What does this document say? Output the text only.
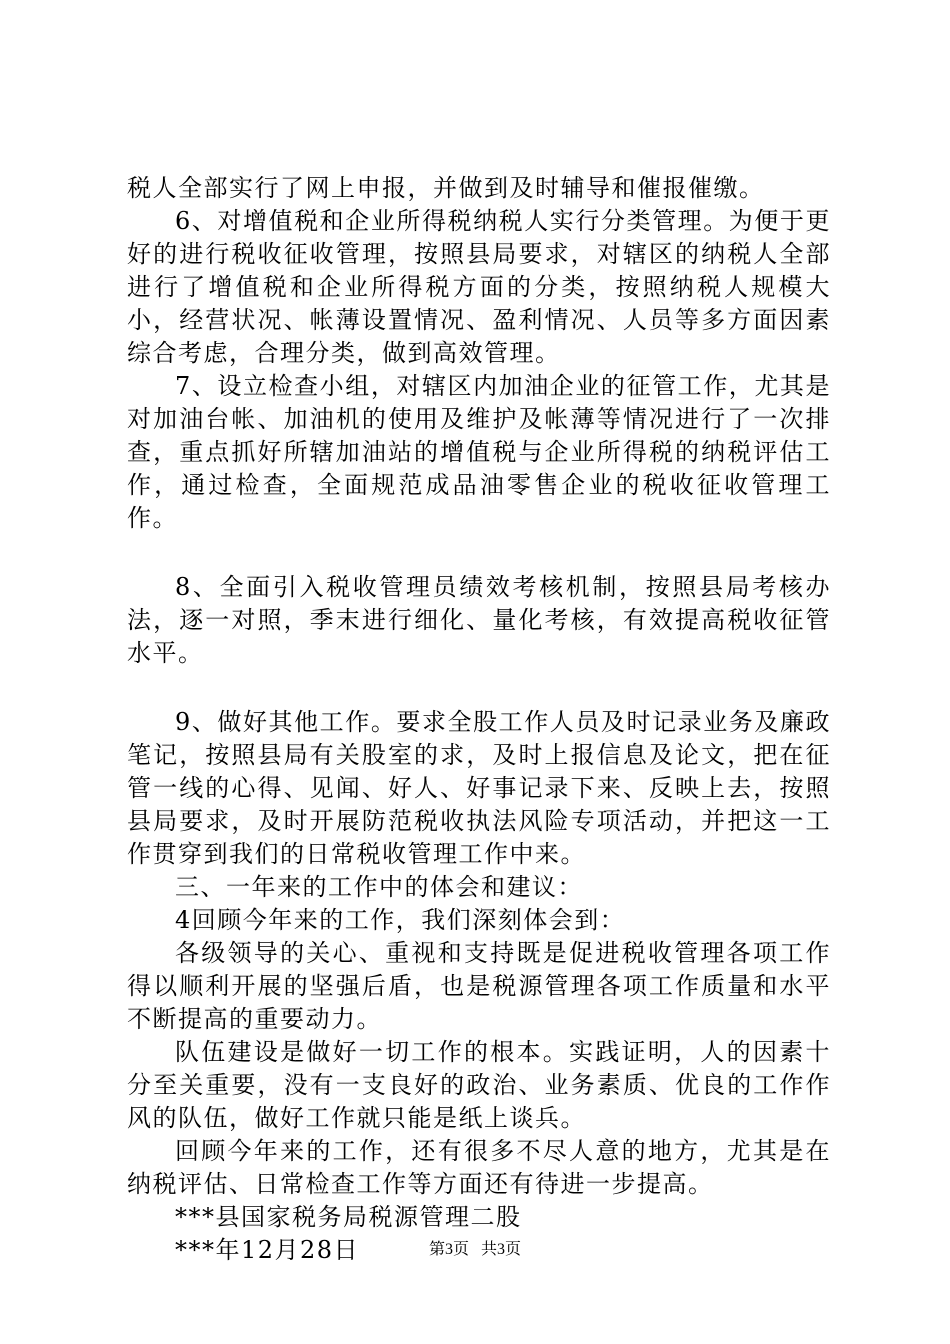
税人全部实行了网上申报，并做到及时辅导和催报催缴。

6、对增值税和企业所得税纳税人实行分类管理。为便于更好的进行税收征收管理，按照县局要求，对辖区的纳税人全部进行了增值税和企业所得税方面的分类，按照纳税人规模大小，经营状况、帐薄设置情况、盈利情况、人员等多方面因素综合考虑，合理分类，做到高效管理。

7、设立检查小组，对辖区内加油企业的征管工作，尤其是对加油台帐、加油机的使用及维护及帐薄等情况进行了一次排查，重点抓好所辖加油站的增值税与企业所得税的纳税评估工作，通过检查，全面规范成品油零售企业的税收征收管理工作。

8、全面引入税收管理员绩效考核机制，按照县局考核办法，逐一对照，季末进行细化、量化考核，有效提高税收征管水平。

9、做好其他工作。要求全股工作人员及时记录业务及廉政笔记，按照县局有关股室的求，及时上报信息及论文，把在征管一线的心得、见闻、好人、好事记录下来、反映上去，按照县局要求，及时开展防范税收执法风险专项活动，并把这一工作贯穿到我们的日常税收管理工作中来。

三、一年来的工作中的体会和建议：

4回顾今年来的工作，我们深刻体会到：

各级领导的关心、重视和支持既是促进税收管理各项工作得以顺利开展的坚强后盾，也是税源管理各项工作质量和水平不断提高的重要动力。

队伍建设是做好一切工作的根本。实践证明，人的因素十分至关重要，没有一支良好的政治、业务素质、优良的工作作风的队伍，做好工作就只能是纸上谈兵。

回顾今年来的工作，还有很多不尽人意的地方，尤其是在纳税评估、日常检查工作等方面还有待进一步提高。

***县国家税务局税源管理二股

***年12月28日	第3页 共3页
